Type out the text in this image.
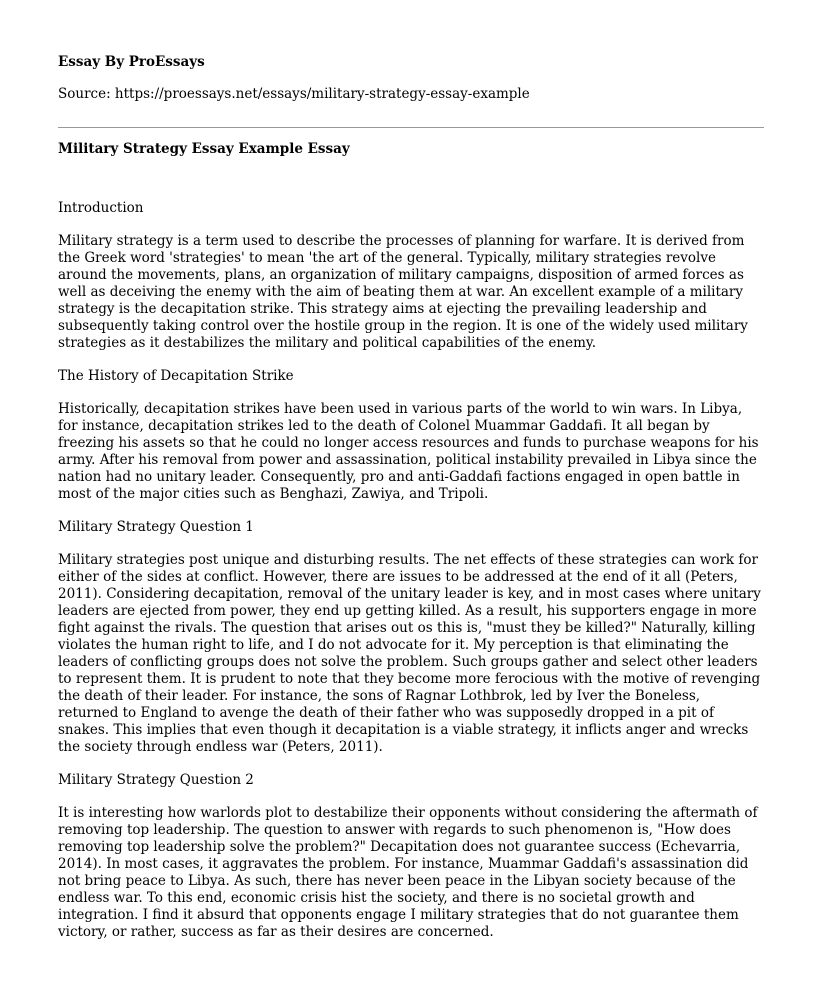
Essay By ProEssays
Source: https://proessays.net/essays/military-strategy-essay-example
Military Strategy Essay Example Essay

Introduction

Military strategy is a term used to describe the processes of planning for warfare. It is derived from the Greek word 'strategies' to mean 'the art of the general. Typically, military strategies revolve around the movements, plans, an organization of military campaigns, disposition of armed forces as well as deceiving the enemy with the aim of beating them at war. An excellent example of a military strategy is the decapitation strike. This strategy aims at ejecting the prevailing leadership and subsequently taking control over the hostile group in the region. It is one of the widely used military strategies as it destabilizes the military and political capabilities of the enemy.

The History of Decapitation Strike

Historically, decapitation strikes have been used in various parts of the world to win wars. In Libya, for instance, decapitation strikes led to the death of Colonel Muammar Gaddafi. It all began by freezing his assets so that he could no longer access resources and funds to purchase weapons for his army. After his removal from power and assassination, political instability prevailed in Libya since the nation had no unitary leader. Consequently, pro and anti-Gaddafi factions engaged in open battle in most of the major cities such as Benghazi, Zawiya, and Tripoli.

Military Strategy Question 1

Military strategies post unique and disturbing results. The net effects of these strategies can work for either of the sides at conflict. However, there are issues to be addressed at the end of it all (Peters, 2011). Considering decapitation, removal of the unitary leader is key, and in most cases where unitary leaders are ejected from power, they end up getting killed. As a result, his supporters engage in more fight against the rivals. The question that arises out os this is, "must they be killed?" Naturally, killing violates the human right to life, and I do not advocate for it. My perception is that eliminating the leaders of conflicting groups does not solve the problem. Such groups gather and select other leaders to represent them. It is prudent to note that they become more ferocious with the motive of revenging the death of their leader. For instance, the sons of Ragnar Lothbrok, led by Iver the Boneless, returned to England to avenge the death of their father who was supposedly dropped in a pit of snakes. This implies that even though it decapitation is a viable strategy, it inflicts anger and wrecks the society through endless war (Peters, 2011).

Military Strategy Question 2

It is interesting how warlords plot to destabilize their opponents without considering the aftermath of removing top leadership. The question to answer with regards to such phenomenon is, "How does removing top leadership solve the problem?" Decapitation does not guarantee success (Echevarria, 2014). In most cases, it aggravates the problem. For instance, Muammar Gaddafi's assassination did not bring peace to Libya. As such, there has never been peace in the Libyan society because of the endless war. To this end, economic crisis hist the society, and there is no societal growth and integration. I find it absurd that opponents engage I military strategies that do not guarantee them victory, or rather, success as far as their desires are concerned.
